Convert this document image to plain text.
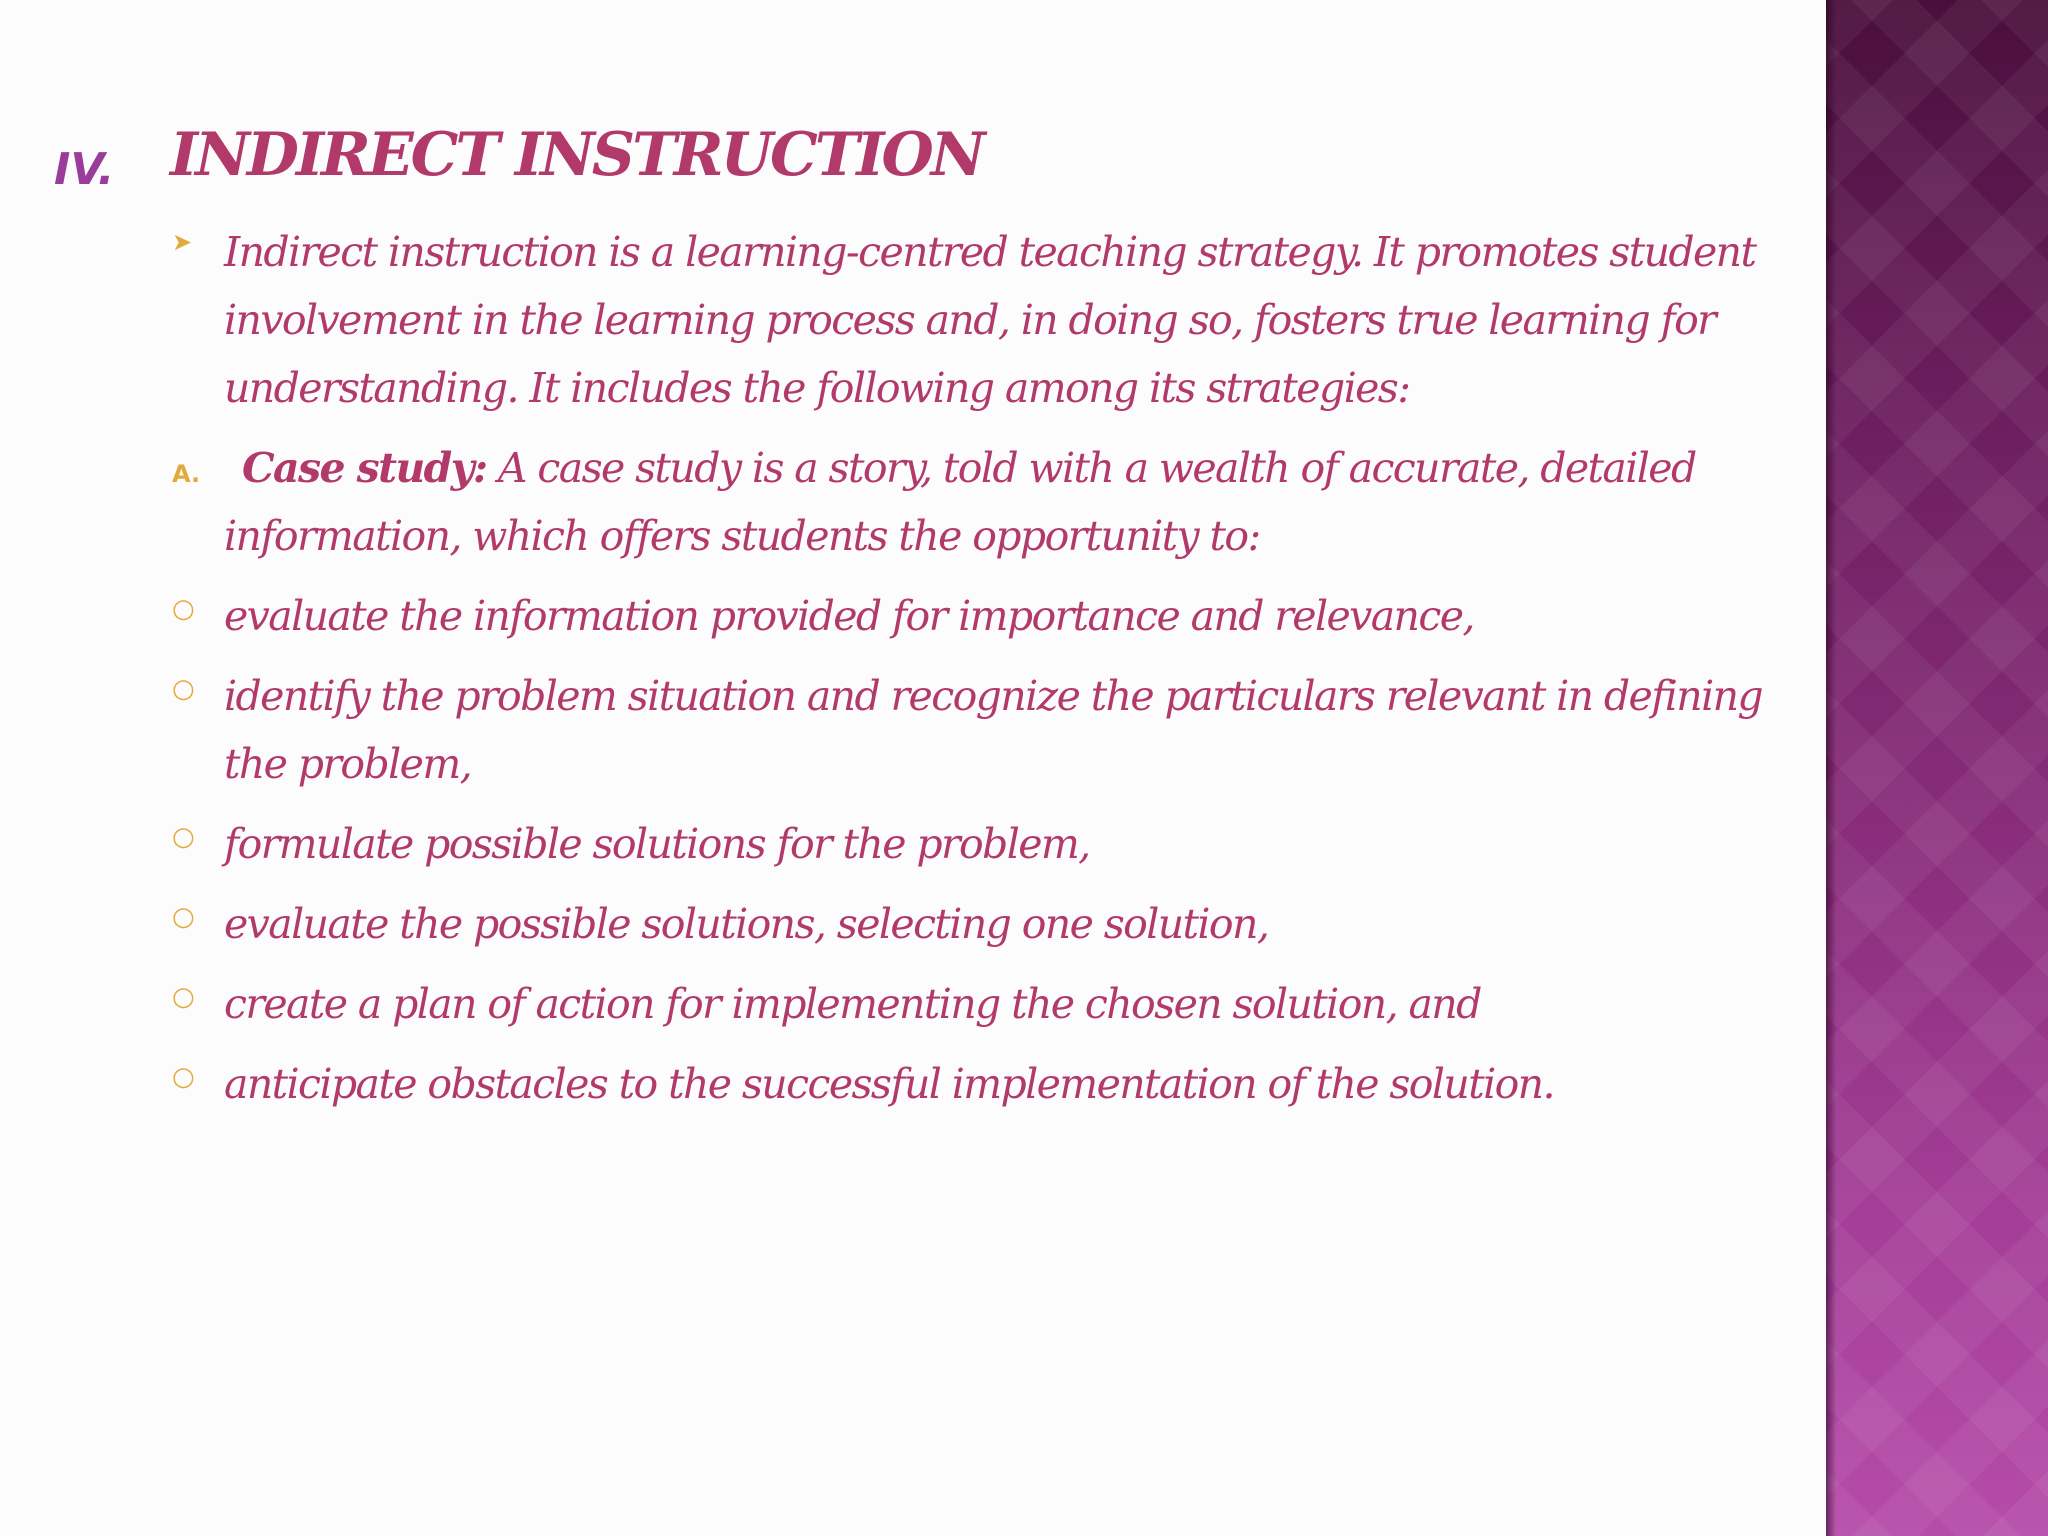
IV. INDIRECT INSTRUCTION
➤ Indirect instruction is a learning-centred teaching strategy. It promotes student
involvement in the learning process and, in doing so, fosters true learning for
understanding. It includes the following among its strategies:
A. Case study: A case study is a story, told with a wealth of accurate, detailed
information, which offers students the opportunity to:
○ evaluate the information provided for importance and relevance,
○ identify the problem situation and recognize the particulars relevant in defining
the problem,
○ formulate possible solutions for the problem,
○ evaluate the possible solutions, selecting one solution,
○ create a plan of action for implementing the chosen solution, and
○ anticipate obstacles to the successful implementation of the solution.
